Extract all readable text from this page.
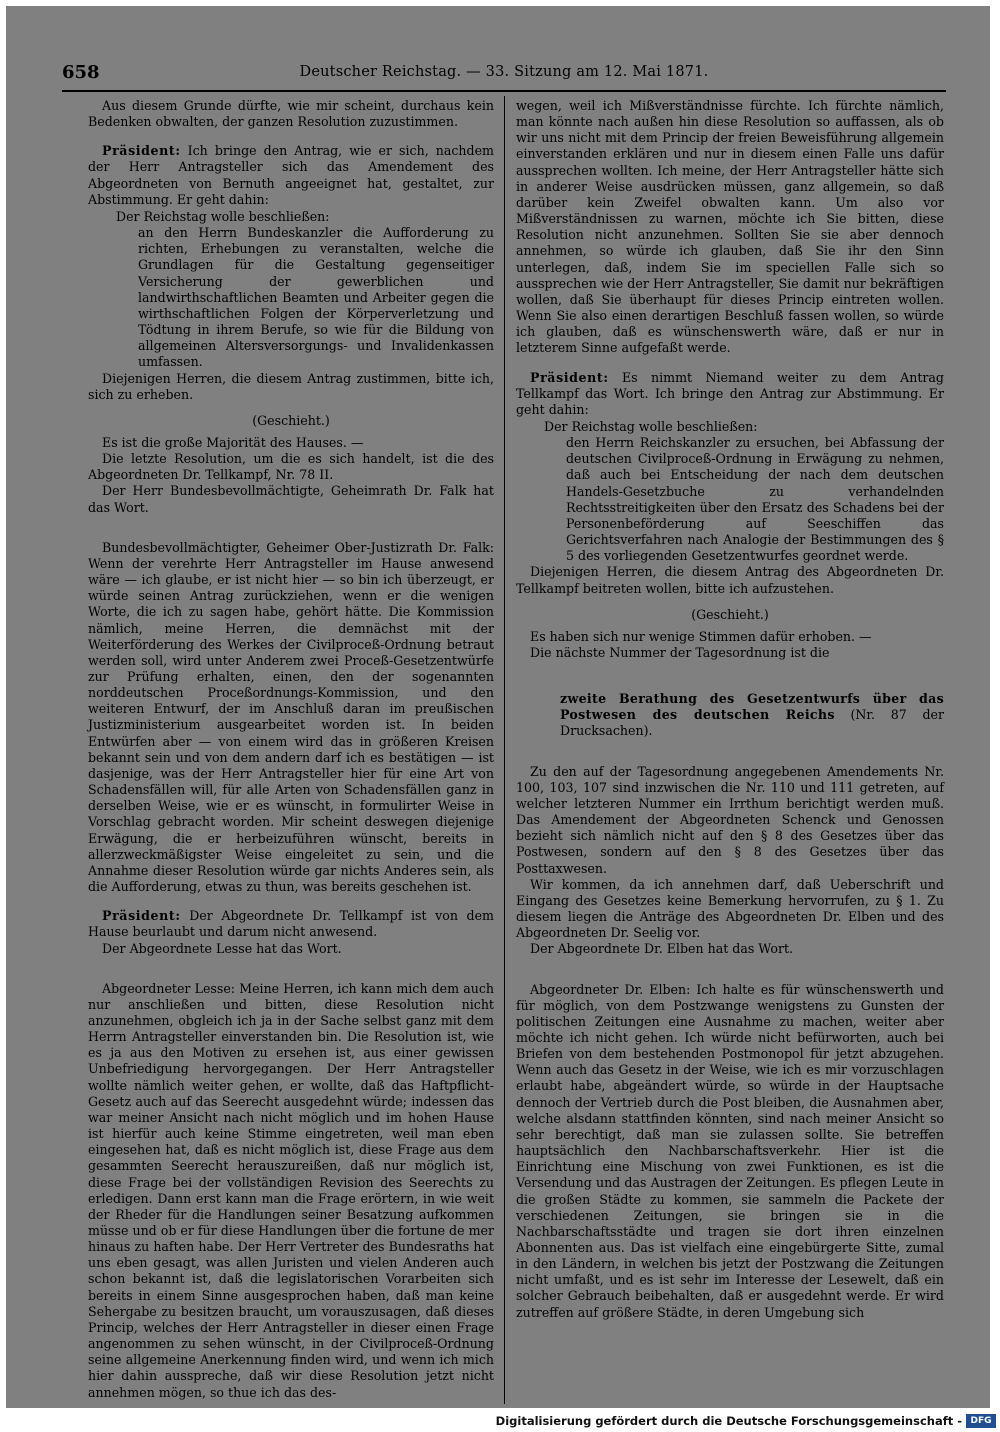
658	Deutscher Reichstag. — 33. Sitzung am 12. Mai 1871.

Aus diesem Grunde dürfte, wie mir scheint, durchaus kein Bedenken obwalten, der ganzen Resolution zuzustimmen.

Präsident: Ich bringe den Antrag, wie er sich, nachdem der Herr Antragsteller sich das Amendement des Abgeordneten von Bernuth angeeignet hat, gestaltet, zur Abstimmung. Er geht dahin:

Der Reichstag wolle beschließen:

an den Herrn Bundeskanzler die Aufforderung zu richten, Erhebungen zu veranstalten, welche die Grundlagen für die Gestaltung gegenseitiger Versicherung der gewerblichen und landwirthschaftlichen Beamten und Arbeiter gegen die wirthschaftlichen Folgen der Körperverletzung und Tödtung in ihrem Berufe, so wie für die Bildung von allgemeinen Altersversorgungs- und Invalidenkassen umfassen.

Diejenigen Herren, die diesem Antrag zustimmen, bitte ich, sich zu erheben.

(Geschieht.)

Es ist die große Majorität des Hauses. —

Die letzte Resolution, um die es sich handelt, ist die des Abgeordneten Dr. Tellkampf, Nr. 78 II.

Der Herr Bundesbevollmächtigte, Geheimrath Dr. Falk hat das Wort.

Bundesbevollmächtigter, Geheimer Ober-Justizrath Dr. Falk: Wenn der verehrte Herr Antragsteller im Hause anwesend wäre — ich glaube, er ist nicht hier — so bin ich überzeugt, er würde seinen Antrag zurückziehen, wenn er die wenigen Worte, die ich zu sagen habe, gehört hätte. Die Kommission nämlich, meine Herren, die demnächst mit der Weiterförderung des Werkes der Civilproceß-Ordnung betraut werden soll, wird unter Anderem zwei Proceß-Gesetzentwürfe zur Prüfung erhalten, einen, den der sogenannten norddeutschen Proceßordnungs-Kommission, und den weiteren Entwurf, der im Anschluß daran im preußischen Justizministerium ausgearbeitet worden ist. In beiden Entwürfen aber — von einem wird das in größeren Kreisen bekannt sein und von dem andern darf ich es bestätigen — ist dasjenige, was der Herr Antragsteller hier für eine Art von Schadensfällen will, für alle Arten von Schadensfällen ganz in derselben Weise, wie er es wünscht, in formulirter Weise in Vorschlag gebracht worden. Mir scheint deswegen diejenige Erwägung, die er herbeizuführen wünscht, bereits in allerzweckmäßigster Weise eingeleitet zu sein, und die Annahme dieser Resolution würde gar nichts Anderes sein, als die Aufforderung, etwas zu thun, was bereits geschehen ist.

Präsident: Der Abgeordnete Dr. Tellkampf ist von dem Hause beurlaubt und darum nicht anwesend.

Der Abgeordnete Lesse hat das Wort.

Abgeordneter Lesse: Meine Herren, ich kann mich dem auch nur anschließen und bitten, diese Resolution nicht anzunehmen, obgleich ich ja in der Sache selbst ganz mit dem Herrn Antragsteller einverstanden bin. Die Resolution ist, wie es ja aus den Motiven zu ersehen ist, aus einer gewissen Unbefriedigung hervorgegangen. Der Herr Antragsteller wollte nämlich weiter gehen, er wollte, daß das Haftpflicht-Gesetz auch auf das Seerecht ausgedehnt würde; indessen das war meiner Ansicht nach nicht möglich und im hohen Hause ist hierfür auch keine Stimme eingetreten, weil man eben eingesehen hat, daß es nicht möglich ist, diese Frage aus dem gesammten Seerecht herauszureißen, daß nur möglich ist, diese Frage bei der vollständigen Revision des Seerechts zu erledigen. Dann erst kann man die Frage erörtern, in wie weit der Rheder für die Handlungen seiner Besatzung aufkommen müsse und ob er für diese Handlungen über die fortune de mer hinaus zu haften habe. Der Herr Vertreter des Bundesraths hat uns eben gesagt, was allen Juristen und vielen Anderen auch schon bekannt ist, daß die legislatorischen Vorarbeiten sich bereits in einem Sinne ausgesprochen haben, daß man keine Sehergabe zu besitzen braucht, um vorauszusagen, daß dieses Princip, welches der Herr Antragsteller in dieser einen Frage angenommen zu sehen wünscht, in der Civilproceß-Ordnung seine allgemeine Anerkennung finden wird, und wenn ich mich hier dahin ausspreche, daß wir diese Resolution jetzt nicht annehmen mögen, so thue ich das des-

wegen, weil ich Mißverständnisse fürchte. Ich fürchte nämlich, man könnte nach außen hin diese Resolution so auffassen, als ob wir uns nicht mit dem Princip der freien Beweisführung allgemein einverstanden erklären und nur in diesem einen Falle uns dafür aussprechen wollten. Ich meine, der Herr Antragsteller hätte sich in anderer Weise ausdrücken müssen, ganz allgemein, so daß darüber kein Zweifel obwalten kann. Um also vor Mißverständnissen zu warnen, möchte ich Sie bitten, diese Resolution nicht anzunehmen. Sollten Sie sie aber dennoch annehmen, so würde ich glauben, daß Sie ihr den Sinn unterlegen, daß, indem Sie im speciellen Falle sich so aussprechen wie der Herr Antragsteller, Sie damit nur bekräftigen wollen, daß Sie überhaupt für dieses Princip eintreten wollen. Wenn Sie also einen derartigen Beschluß fassen wollen, so würde ich glauben, daß es wünschenswerth wäre, daß er nur in letzterem Sinne aufgefaßt werde.

Präsident: Es nimmt Niemand weiter zu dem Antrag Tellkampf das Wort. Ich bringe den Antrag zur Abstimmung. Er geht dahin:

Der Reichstag wolle beschließen:

den Herrn Reichskanzler zu ersuchen, bei Abfassung der deutschen Civilproceß-Ordnung in Erwägung zu nehmen, daß auch bei Entscheidung der nach dem deutschen Handels-Gesetzbuche zu verhandelnden Rechtsstreitigkeiten über den Ersatz des Schadens bei der Personenbeförderung auf Seeschiffen das Gerichtsverfahren nach Analogie der Bestimmungen des § 5 des vorliegenden Gesetzentwurfes geordnet werde.

Diejenigen Herren, die diesem Antrag des Abgeordneten Dr. Tellkampf beitreten wollen, bitte ich aufzustehen.

(Geschieht.)

Es haben sich nur wenige Stimmen dafür erhoben. —

Die nächste Nummer der Tagesordnung ist die

zweite Berathung des Gesetzentwurfs über das Postwesen des deutschen Reichs (Nr. 87 der Drucksachen).

Zu den auf der Tagesordnung angegebenen Amendements Nr. 100, 103, 107 sind inzwischen die Nr. 110 und 111 getreten, auf welcher letzteren Nummer ein Irrthum berichtigt werden muß. Das Amendement der Abgeordneten Schenck und Genossen bezieht sich nämlich nicht auf den § 8 des Gesetzes über das Postwesen, sondern auf den § 8 des Gesetzes über das Posttaxwesen.

Wir kommen, da ich annehmen darf, daß Ueberschrift und Eingang des Gesetzes keine Bemerkung hervorrufen, zu § 1. Zu diesem liegen die Anträge des Abgeordneten Dr. Elben und des Abgeordneten Dr. Seelig vor.

Der Abgeordnete Dr. Elben hat das Wort.

Abgeordneter Dr. Elben: Ich halte es für wünschenswerth und für möglich, von dem Postzwange wenigstens zu Gunsten der politischen Zeitungen eine Ausnahme zu machen, weiter aber möchte ich nicht gehen. Ich würde nicht befürworten, auch bei Briefen von dem bestehenden Postmonopol für jetzt abzugehen. Wenn auch das Gesetz in der Weise, wie ich es mir vorzuschlagen erlaubt habe, abgeändert würde, so würde in der Hauptsache dennoch der Vertrieb durch die Post bleiben, die Ausnahmen aber, welche alsdann stattfinden könnten, sind nach meiner Ansicht so sehr berechtigt, daß man sie zulassen sollte. Sie betreffen hauptsächlich den Nachbarschaftsverkehr. Hier ist die Einrichtung eine Mischung von zwei Funktionen, es ist die Versendung und das Austragen der Zeitungen. Es pflegen Leute in die großen Städte zu kommen, sie sammeln die Packete der verschiedenen Zeitungen, sie bringen sie in die Nachbarschaftsstädte und tragen sie dort ihren einzelnen Abonnenten aus. Das ist vielfach eine eingebürgerte Sitte, zumal in den Ländern, in welchen bis jetzt der Postzwang die Zeitungen nicht umfaßt, und es ist sehr im Interesse der Lesewelt, daß ein solcher Gebrauch beibehalten, daß er ausgedehnt werde. Er wird zutreffen auf größere Städte, in deren Umgebung sich

Digitalisierung gefördert durch die Deutsche Forschungsgemeinschaft - DFG
